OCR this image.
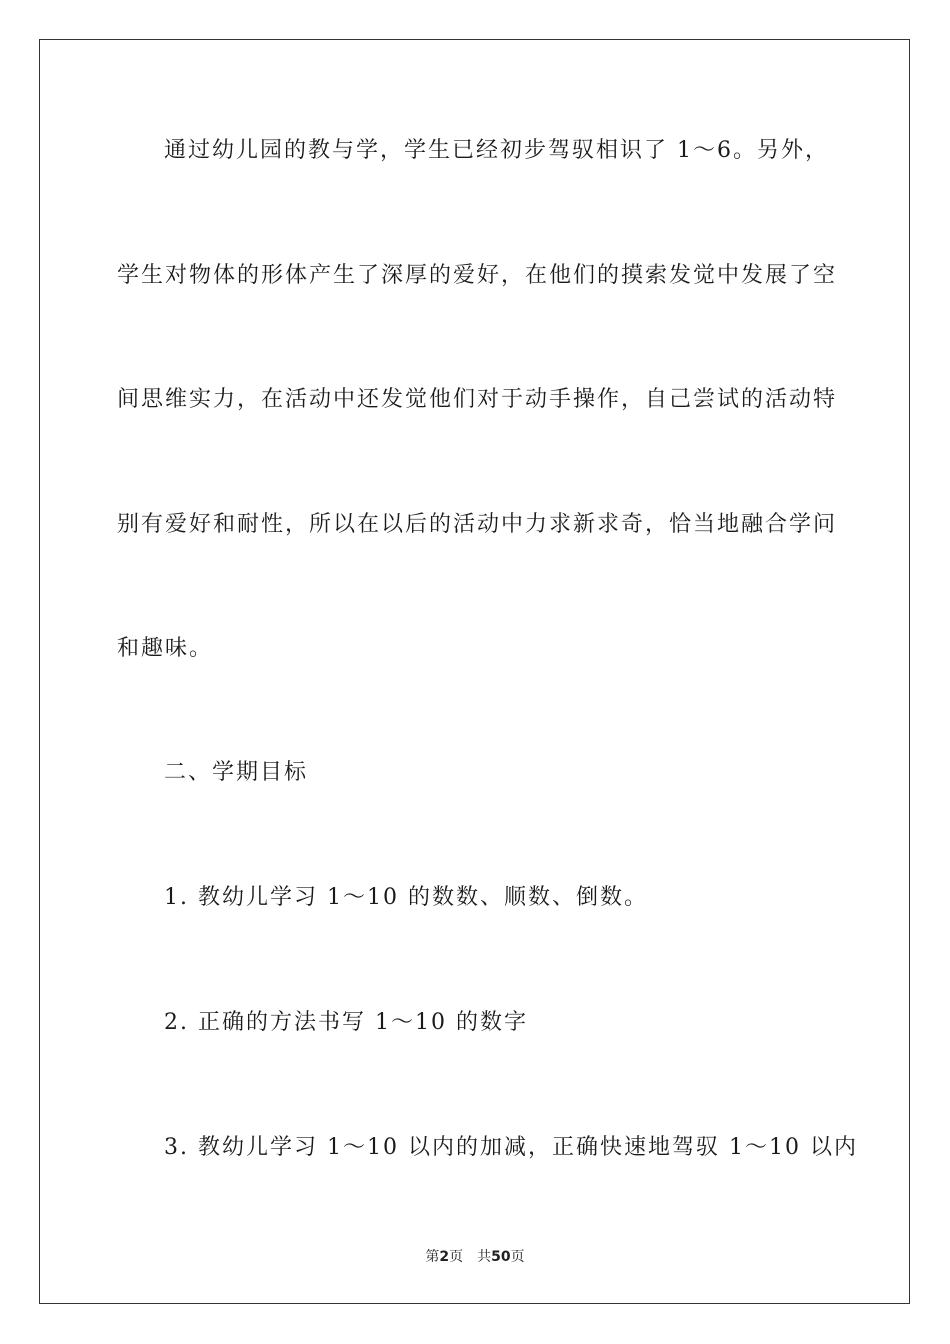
通过幼儿园的教与学，学生已经初步驾驭相识了 1～6。另外，
学生对物体的形体产生了深厚的爱好，在他们的摸索发觉中发展了空
间思维实力，在活动中还发觉他们对于动手操作，自己尝试的活动特
别有爱好和耐性，所以在以后的活动中力求新求奇，恰当地融合学问
和趣味。
二、学期目标
1. 教幼儿学习 1～10 的数数、顺数、倒数。
2. 正确的方法书写 1～10 的数字
3. 教幼儿学习 1～10 以内的加减，正确快速地驾驭 1～10 以内
第2页　共50页
